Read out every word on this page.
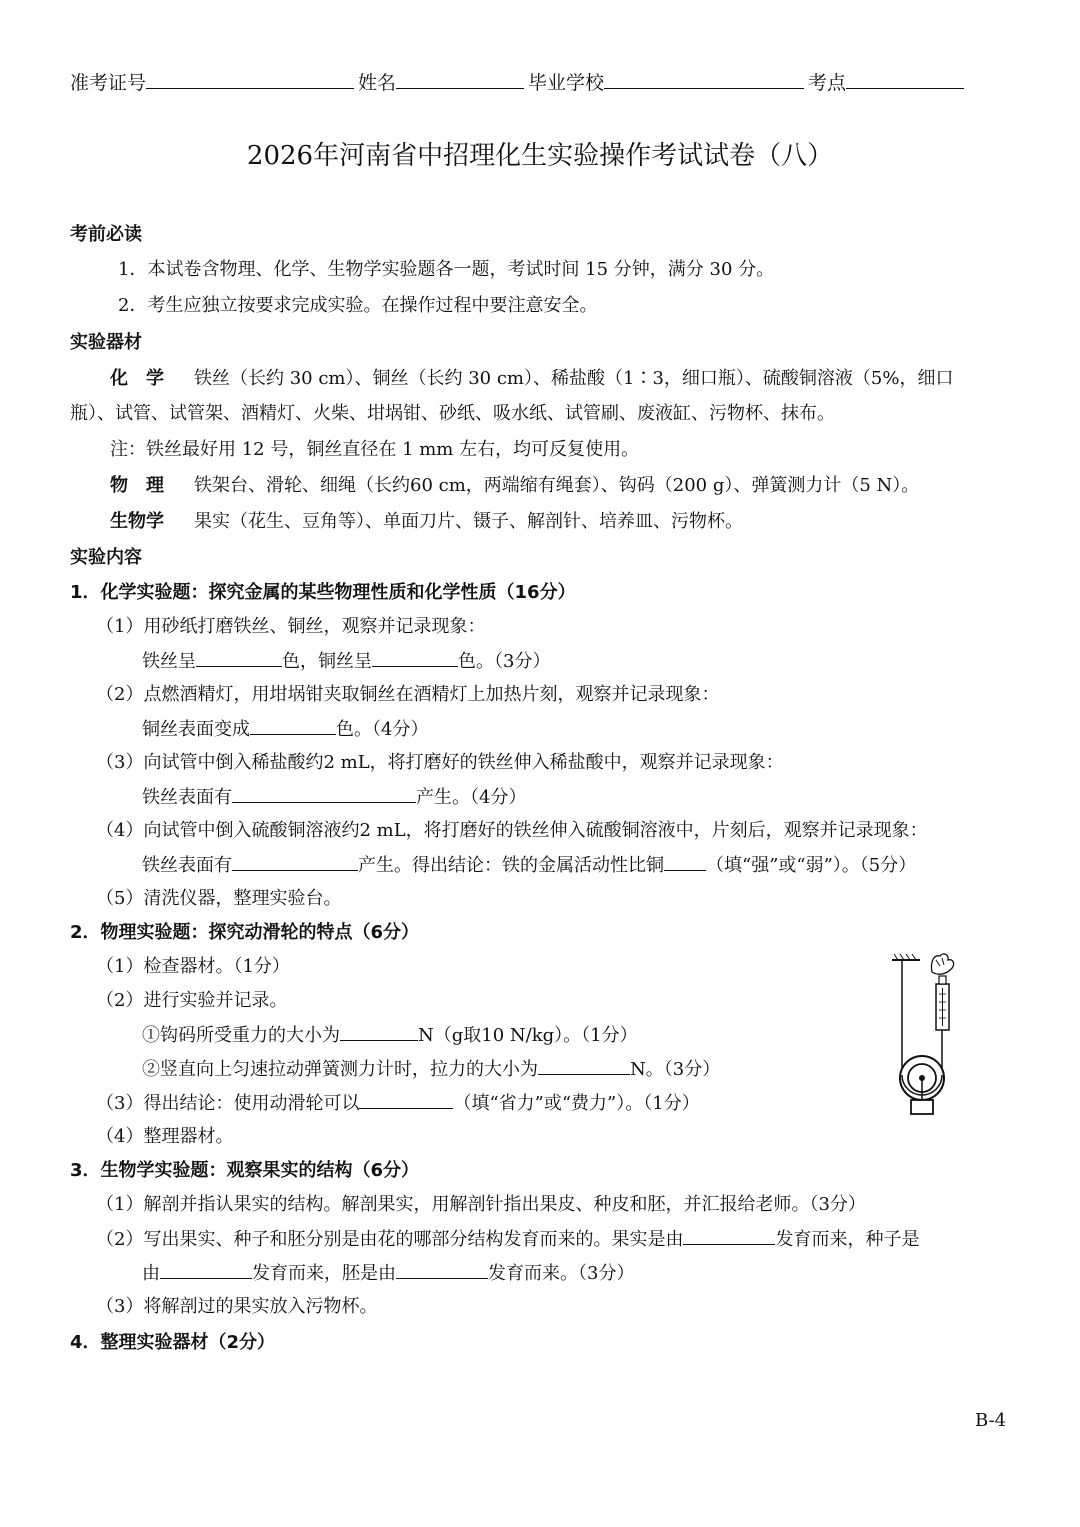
准考证号	姓名	毕业学校	考点
2026年河南省中招理化生实验操作考试试卷（八）
考前必读
1．本试卷含物理、化学、生物学实验题各一题，考试时间 15 分钟，满分 30 分。
2．考生应独立按要求完成实验。在操作过程中要注意安全。
实验器材
化　学 铁丝（长约 30 cm）、铜丝（长约 30 cm）、稀盐酸（1∶3，细口瓶）、硫酸铜溶液（5%，细口
瓶）、试管、试管架、酒精灯、火柴、坩埚钳、砂纸、吸水纸、试管刷、废液缸、污物杯、抹布。
注：铁丝最好用 12 号，铜丝直径在 1 mm 左右，均可反复使用。
物　理 铁架台、滑轮、细绳（长约60 cm，两端缩有绳套）、钩码（200 g）、弹簧测力计（5 N）。
生物学 果实（花生、豆角等）、单面刀片、镊子、解剖针、培养皿、污物杯。
实验内容
1．化学实验题：探究金属的某些物理性质和化学性质（16分）
（1）用砂纸打磨铁丝、铜丝，观察并记录现象：
铁丝呈	色，铜丝呈	色。（3分）
（2）点燃酒精灯，用坩埚钳夹取铜丝在酒精灯上加热片刻，观察并记录现象：
铜丝表面变成	色。（4分）
（3）向试管中倒入稀盐酸约2 mL，将打磨好的铁丝伸入稀盐酸中，观察并记录现象：
铁丝表面有	产生。（4分）
（4）向试管中倒入硫酸铜溶液约2 mL，将打磨好的铁丝伸入硫酸铜溶液中，片刻后，观察并记录现象：
铁丝表面有	产生。得出结论：铁的金属活动性比铜 （填“强”或“弱”）。（5分）
（5）清洗仪器，整理实验台。
2．物理实验题：探究动滑轮的特点（6分）
（1）检查器材。（1分）
（2）进行实验并记录。
①钩码所受重力的大小为	N（g取10 N/kg）。（1分）
②竖直向上匀速拉动弹簧测力计时，拉力的大小为	N。（3分）
（3）得出结论：使用动滑轮可以	（填“省力”或“费力”）。（1分）
（4）整理器材。
3．生物学实验题：观察果实的结构（6分）
（1）解剖并指认果实的结构。解剖果实，用解剖针指出果皮、种皮和胚，并汇报给老师。（3分）
（2）写出果实、种子和胚分别是由花的哪部分结构发育而来的。果实是由	发育而来，种子是
由	发育而来，胚是由	发育而来。（3分）
（3）将解剖过的果实放入污物杯。
4．整理实验器材（2分）
B-4
